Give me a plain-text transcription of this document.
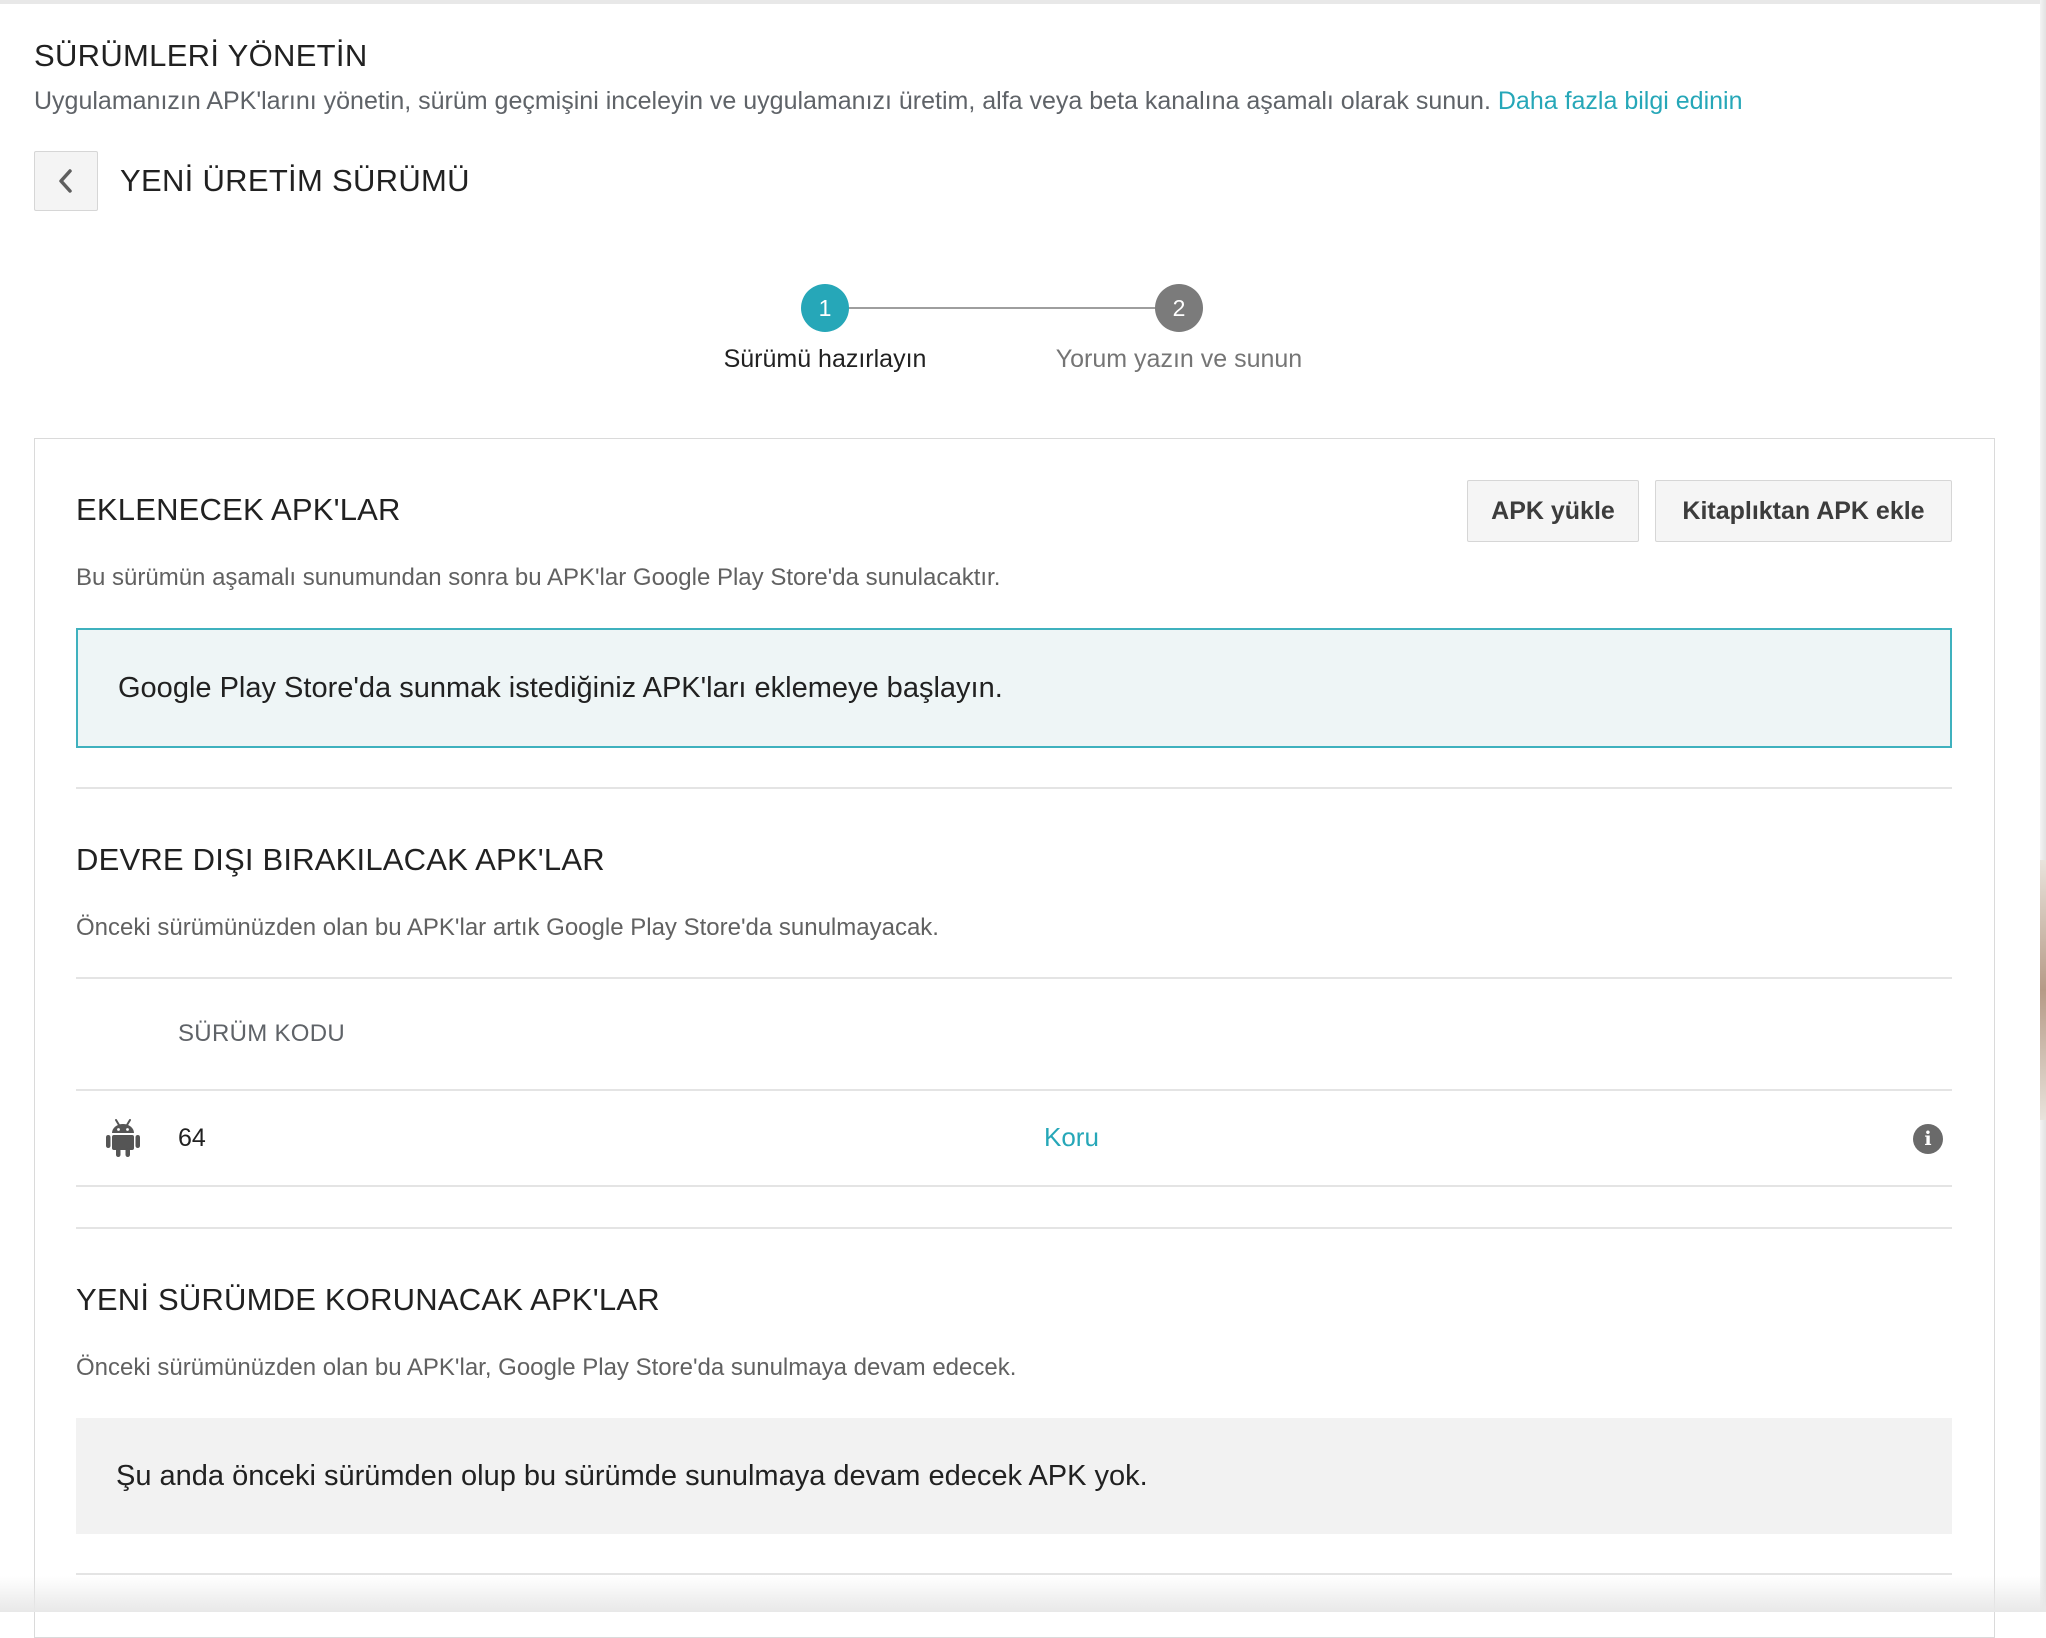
SÜRÜMLERİ YÖNETİN
Uygulamanızın APK'larını yönetin, sürüm geçmişini inceleyin ve uygulamanızı üretim, alfa veya beta kanalına aşamalı olarak sunun. Daha fazla bilgi edinin
YENİ ÜRETİM SÜRÜMÜ
1	2
Sürümü hazırlayın	Yorum yazın ve sunun
EKLENECEK APK'LAR	APK yükle	Kitaplıktan APK ekle
Bu sürümün aşamalı sunumundan sonra bu APK'lar Google Play Store'da sunulacaktır.
Google Play Store'da sunmak istediğiniz APK'ları eklemeye başlayın.
DEVRE DIŞI BIRAKILACAK APK'LAR
Önceki sürümünüzden olan bu APK'lar artık Google Play Store'da sunulmayacak.
SÜRÜM KODU
64	Koru	i
YENİ SÜRÜMDE KORUNACAK APK'LAR
Önceki sürümünüzden olan bu APK'lar, Google Play Store'da sunulmaya devam edecek.
Şu anda önceki sürümden olup bu sürümde sunulmaya devam edecek APK yok.
